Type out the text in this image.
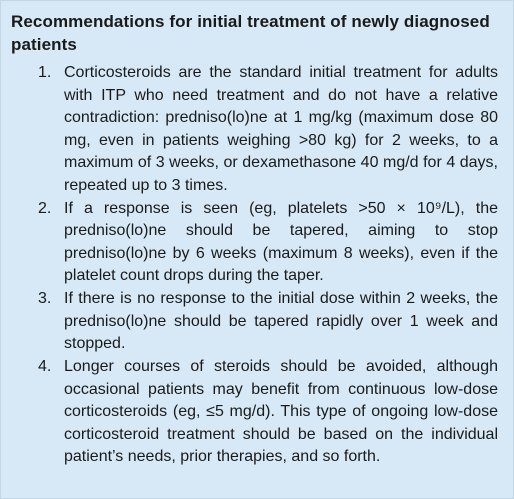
Recommendations for initial treatment of newly diagnosed patients
1. Corticosteroids are the standard initial treatment for adults with ITP who need treatment and do not have a relative contradiction: predniso(lo)ne at 1 mg/kg (maximum dose 80 mg, even in patients weighing >80 kg) for 2 weeks, to a maximum of 3 weeks, or dexamethasone 40 mg/d for 4 days, repeated up to 3 times.
2. If a response is seen (eg, platelets >50 × 10⁹/L), the predniso(lo)ne should be tapered, aiming to stop predniso(lo)ne by 6 weeks (maximum 8 weeks), even if the platelet count drops during the taper.
3. If there is no response to the initial dose within 2 weeks, the predniso(lo)ne should be tapered rapidly over 1 week and stopped.
4. Longer courses of steroids should be avoided, although occasional patients may benefit from continuous low-dose corticosteroids (eg, ≤5 mg/d). This type of ongoing low-dose corticosteroid treatment should be based on the individual patient’s needs, prior therapies, and so forth.
